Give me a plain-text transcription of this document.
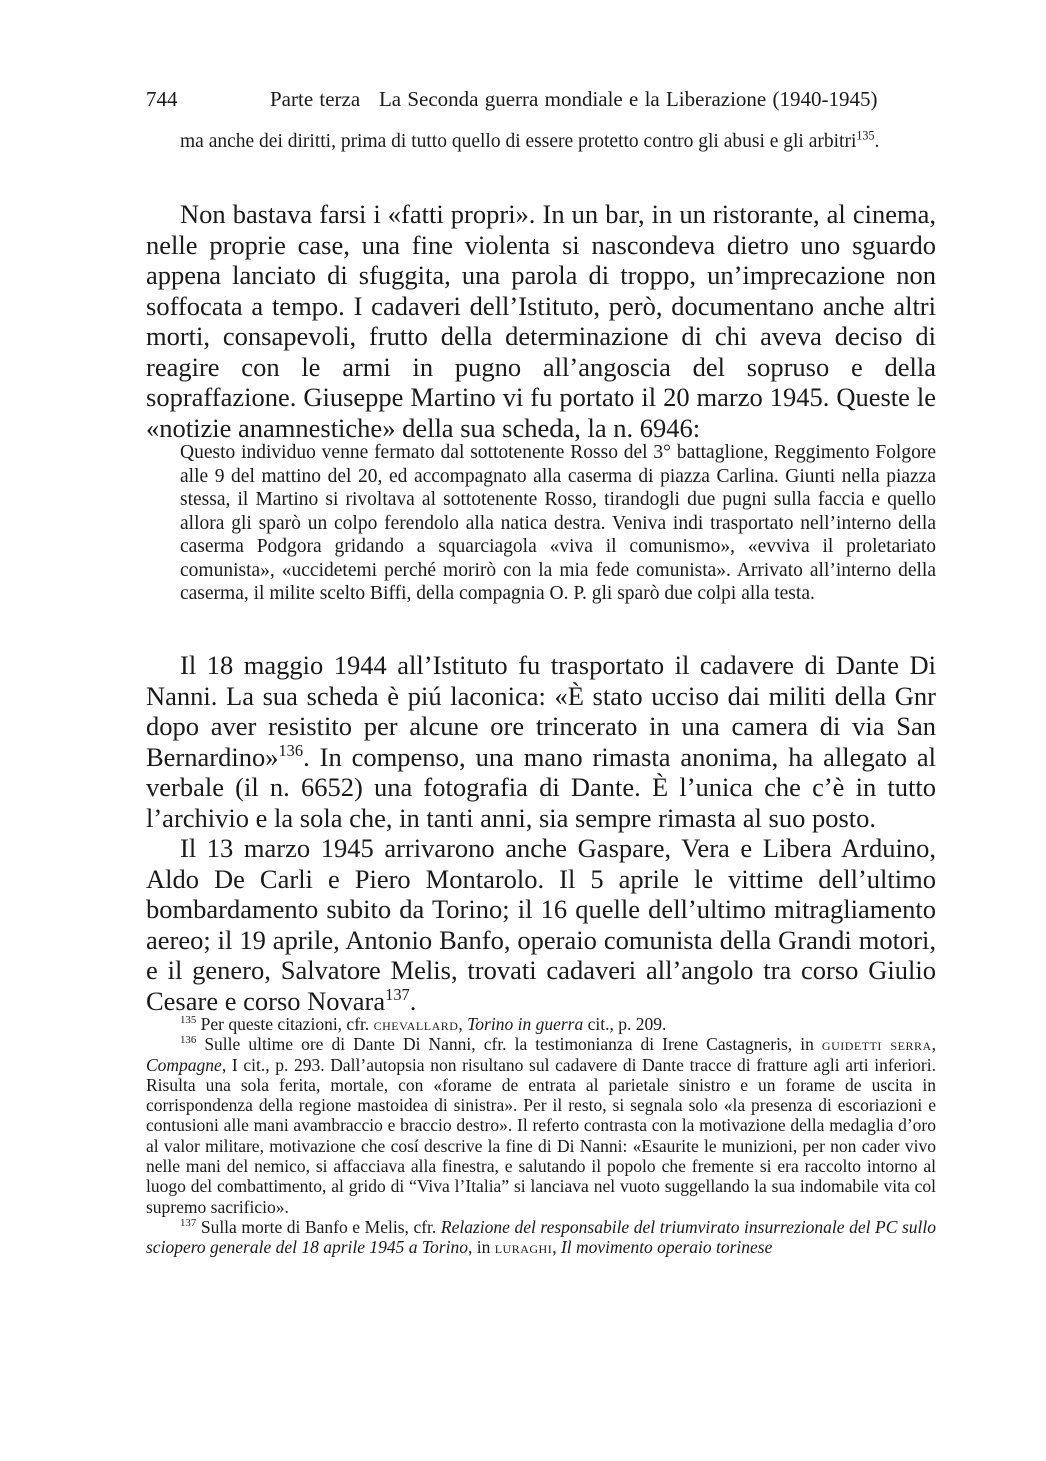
744	Parte terza   La Seconda guerra mondiale e la Liberazione (1940-1945)
ma anche dei diritti, prima di tutto quello di essere protetto contro gli abusi e gli arbitri$^{135}$.
Non bastava farsi i «fatti propri». In un bar, in un ristorante, al cinema, nelle proprie case, una fine violenta si nascondeva dietro uno sguardo appena lanciato di sfuggita, una parola di troppo, un’imprecazione non soffocata a tempo. I cadaveri dell’Istituto, però, documentano anche altri morti, consapevoli, frutto della determinazione di chi aveva deciso di reagire con le armi in pugno all’angoscia del sopruso e della sopraffazione. Giuseppe Martino vi fu portato il 20 marzo 1945. Queste le «notizie anamnestiche» della sua scheda, la n. 6946:
Questo individuo venne fermato dal sottotenente Rosso del 3° battaglione, Reggimento Folgore alle 9 del mattino del 20, ed accompagnato alla caserma di piazza Carlina. Giunti nella piazza stessa, il Martino si rivoltava al sottotenente Rosso, tirandogli due pugni sulla faccia e quello allora gli sparò un colpo ferendolo alla natica destra. Veniva indi trasportato nell’interno della caserma Podgora gridando a squarciagola «viva il comunismo», «evviva il proletariato comunista», «uccidetemi perché morirò con la mia fede comunista». Arrivato all’interno della caserma, il milite scelto Biffi, della compagnia O. P. gli sparò due colpi alla testa.

Il 18 maggio 1944 all’Istituto fu trasportato il cadavere di Dante Di Nanni. La sua scheda è piú laconica: «È stato ucciso dai militi della Gnr dopo aver resistito per alcune ore trincerato in una camera di via San Bernardino»$^{136}$. In compenso, una mano rimasta anonima, ha allegato al verbale (il n. 6652) una fotografia di Dante. È l’unica che c’è in tutto l’archivio e la sola che, in tanti anni, sia sempre rimasta al suo posto.

Il 13 marzo 1945 arrivarono anche Gaspare, Vera e Libera Arduino, Aldo De Carli e Piero Montarolo. Il 5 aprile le vittime dell’ultimo bombardamento subito da Torino; il 16 quelle dell’ultimo mitragliamento aereo; il 19 aprile, Antonio Banfo, operaio comunista della Grandi motori, e il genero, Salvatore Melis, trovati cadaveri all’angolo tra corso Giulio Cesare e corso Novara$^{137}$.

$^{135}$ Per queste citazioni, cfr. chevallard, Torino in guerra cit., p. 209.

$^{136}$ Sulle ultime ore di Dante Di Nanni, cfr. la testimonianza di Irene Castagneris, in guidetti serra, Compagne, I cit., p. 293. Dall’autopsia non risultano sul cadavere di Dante tracce di fratture agli arti inferiori. Risulta una sola ferita, mortale, con «forame de entrata al parietale sinistro e un forame de uscita in corrispondenza della regione mastoidea di sinistra». Per il resto, si segnala solo «la presenza di escoriazioni e contusioni alle mani avambraccio e braccio destro». Il referto contrasta con la motivazione della medaglia d’oro al valor militare, motivazione che cosí descrive la fine di Di Nanni: «Esaurite le munizioni, per non cader vivo nelle mani del nemico, si affacciava alla finestra, e salutando il popolo che fremente si era raccolto intorno al luogo del combattimento, al grido di “Viva l’Italia” si lanciava nel vuoto suggellando la sua indomabile vita col supremo sacrificio».

$^{137}$ Sulla morte di Banfo e Melis, cfr. Relazione del responsabile del triumvirato insurrezionale del PC sullo sciopero generale del 18 aprile 1945 a Torino, in luraghi, Il movimento operaio torinese
